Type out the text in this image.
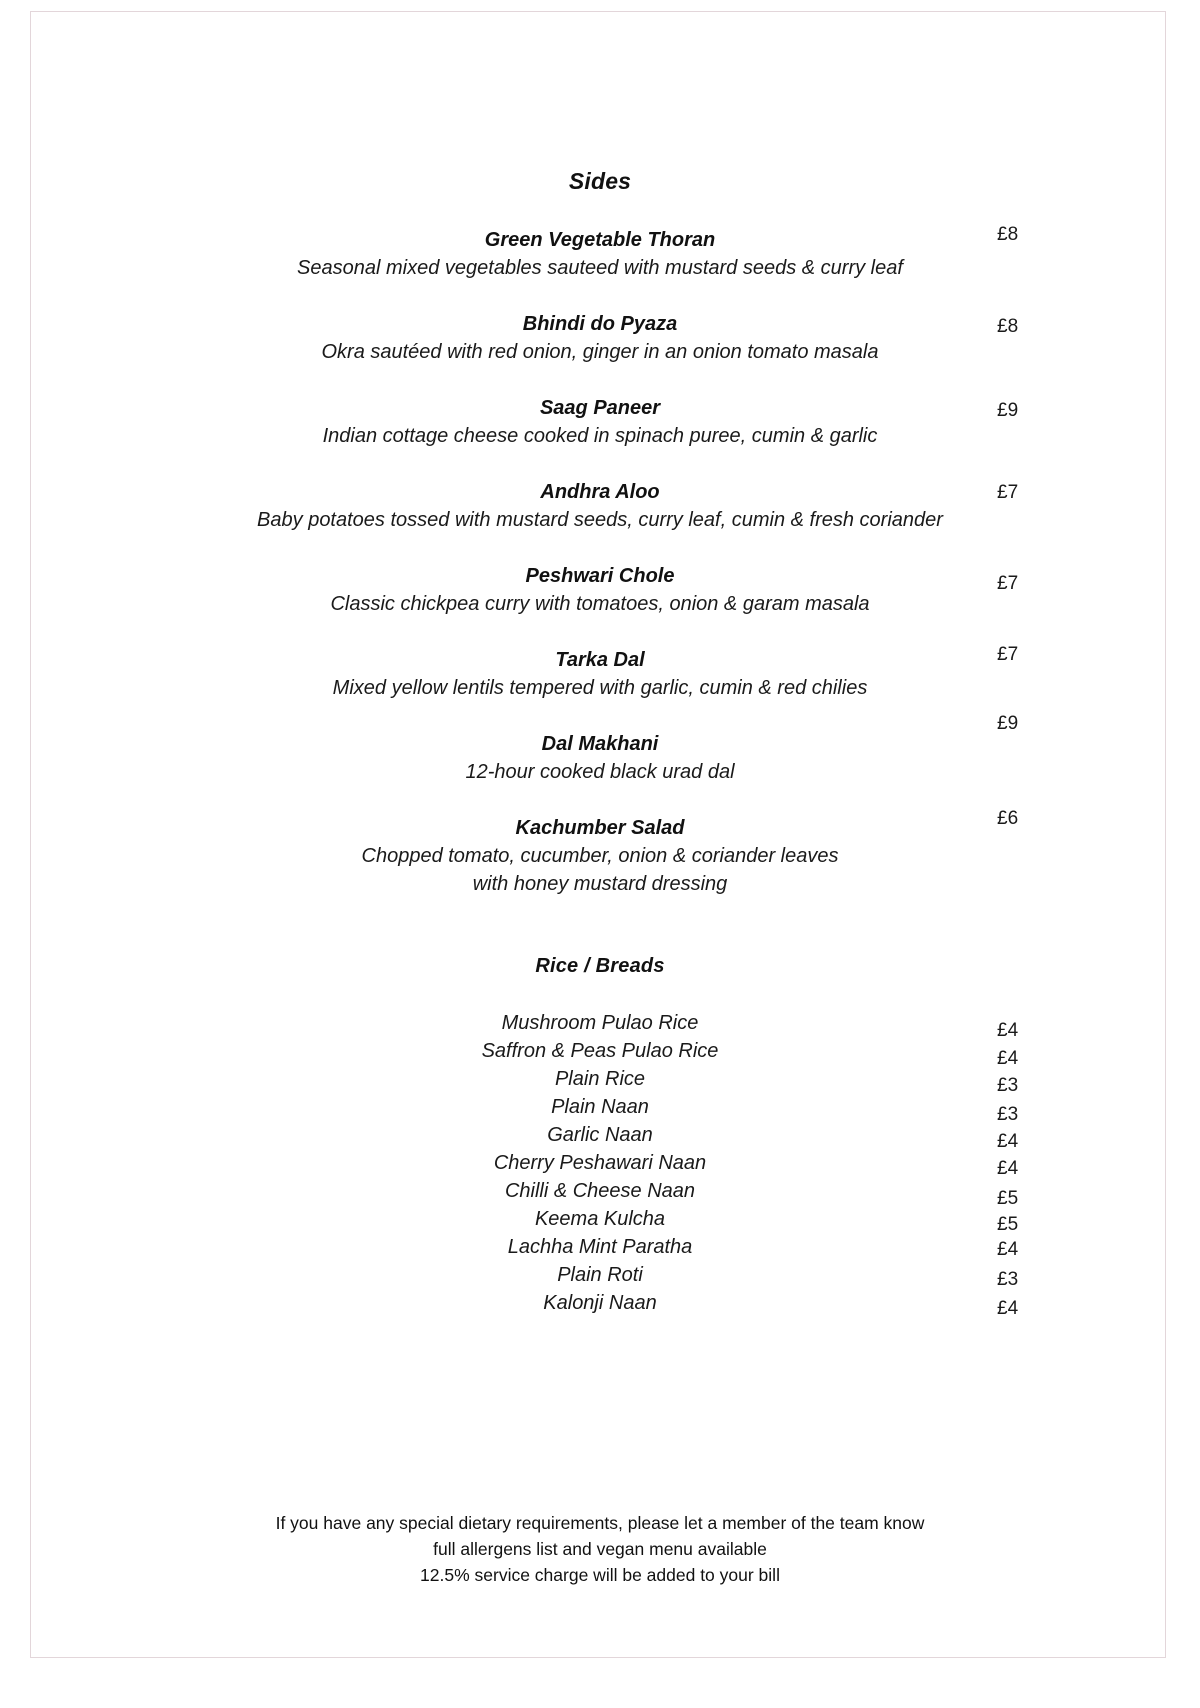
Sides
Green Vegetable Thoran
Seasonal mixed vegetables sauteed with mustard seeds & curry leaf
£8
Bhindi do Pyaza
Okra sautéed with red onion, ginger in an onion tomato masala
£8
Saag Paneer
Indian cottage cheese cooked in spinach puree, cumin & garlic
£9
Andhra Aloo
Baby potatoes tossed with mustard seeds, curry leaf, cumin & fresh coriander
£7
Peshwari Chole
Classic chickpea curry with tomatoes, onion & garam masala
£7
Tarka Dal
Mixed yellow lentils tempered with garlic, cumin & red chilies
£7
Dal Makhani
12-hour cooked black urad dal
£9
Kachumber Salad
Chopped tomato, cucumber, onion & coriander leaves
with honey mustard dressing
£6
Rice / Breads
Mushroom Pulao Rice	£4
Saffron & Peas Pulao Rice	£4
Plain Rice	£3
Plain Naan	£3
Garlic Naan	£4
Cherry Peshawari Naan	£4
Chilli & Cheese Naan	£5
Keema Kulcha	£5
Lachha Mint Paratha	£4
Plain Roti	£3
Kalonji Naan	£4
If you have any special dietary requirements, please let a member of the team know
full allergens list and vegan menu available
12.5% service charge will be added to your bill
